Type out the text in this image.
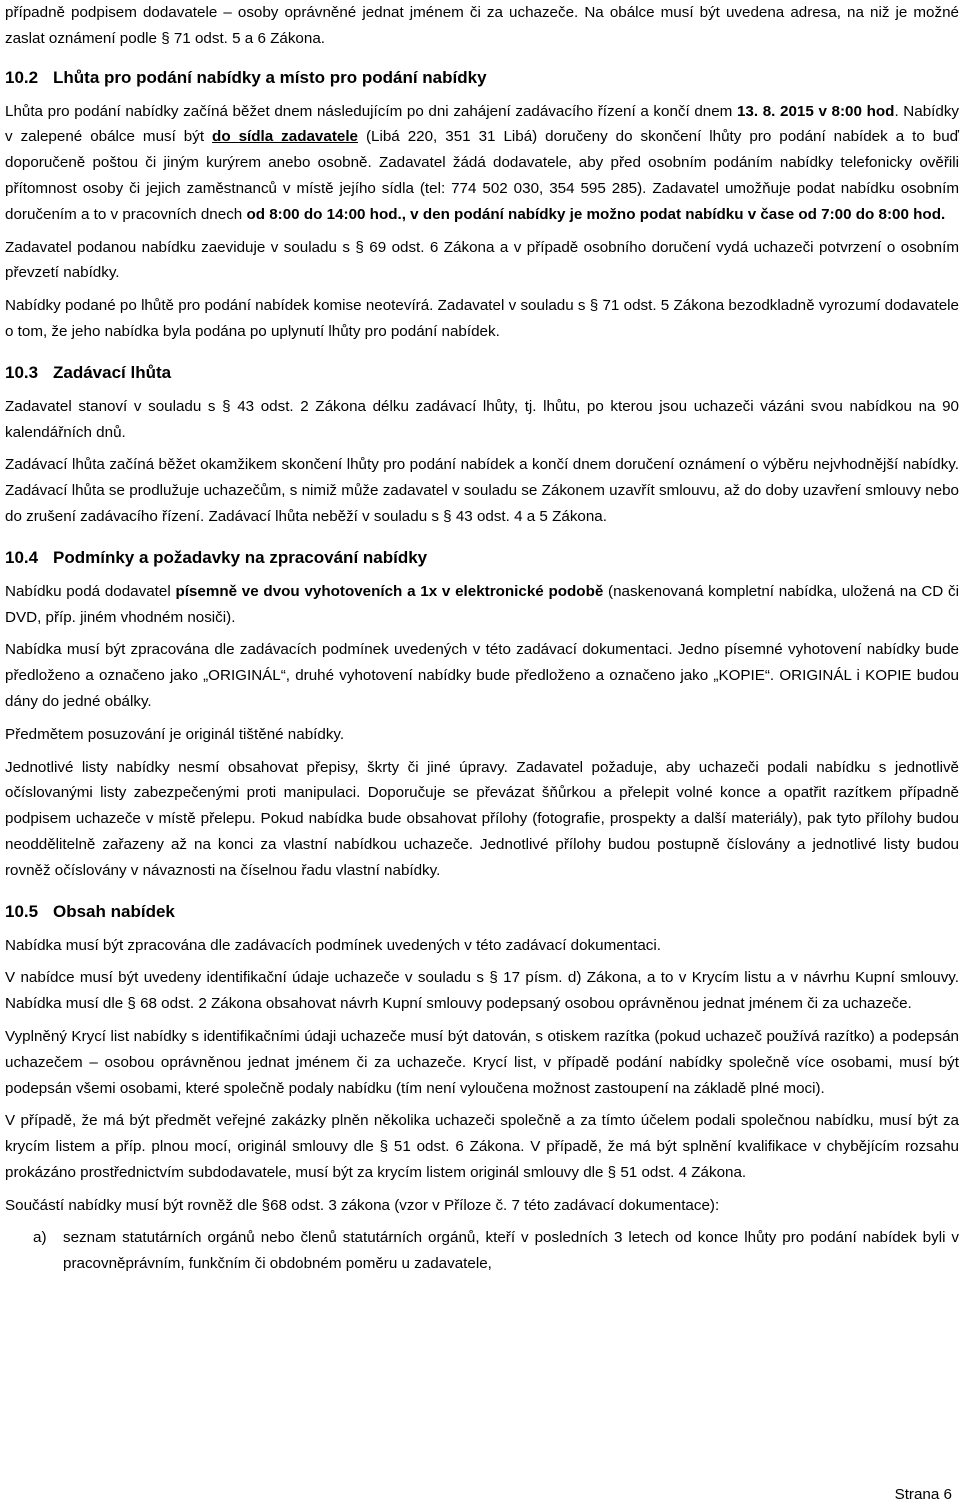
případně podpisem dodavatele – osoby oprávněné jednat jménem či za uchazeče. Na obálce musí být uvedena adresa, na niž je možné zaslat oznámení podle § 71 odst. 5 a 6 Zákona.

10.2 Lhůta pro podání nabídky a místo pro podání nabídky

Lhůta pro podání nabídky začíná běžet dnem následujícím po dni zahájení zadávacího řízení a končí dnem 13. 8. 2015 v 8:00 hod. Nabídky v zalepené obálce musí být do sídla zadavatele (Libá 220, 351 31 Libá) doručeny do skončení lhůty pro podání nabídek a to buď doporučeně poštou či jiným kurýrem anebo osobně. Zadavatel žádá dodavatele, aby před osobním podáním nabídky telefonicky ověřili přítomnost osoby či jejich zaměstnanců v místě jejího sídla (tel: 774 502 030, 354 595 285). Zadavatel umožňuje podat nabídku osobním doručením a to v pracovních dnech od 8:00 do 14:00 hod., v den podání nabídky je možno podat nabídku v čase od 7:00 do 8:00 hod.

Zadavatel podanou nabídku zaeviduje v souladu s § 69 odst. 6 Zákona a v případě osobního doručení vydá uchazeči potvrzení o osobním převzetí nabídky.

Nabídky podané po lhůtě pro podání nabídek komise neotevírá. Zadavatel v souladu s § 71 odst. 5 Zákona bezodkladně vyrozumí dodavatele o tom, že jeho nabídka byla podána po uplynutí lhůty pro podání nabídek.

10.3 Zadávací lhůta

Zadavatel stanoví v souladu s § 43 odst. 2 Zákona délku zadávací lhůty, tj. lhůtu, po kterou jsou uchazeči vázáni svou nabídkou na 90 kalendářních dnů.

Zadávací lhůta začíná běžet okamžikem skončení lhůty pro podání nabídek a končí dnem doručení oznámení o výběru nejvhodnější nabídky. Zadávací lhůta se prodlužuje uchazečům, s nimiž může zadavatel v souladu se Zákonem uzavřít smlouvu, až do doby uzavření smlouvy nebo do zrušení zadávacího řízení. Zadávací lhůta neběží v souladu s § 43 odst. 4 a 5 Zákona.

10.4 Podmínky a požadavky na zpracování nabídky

Nabídku podá dodavatel písemně ve dvou vyhotoveních a 1x v elektronické podobě (naskenovaná kompletní nabídka, uložená na CD či DVD, příp. jiném vhodném nosiči).

Nabídka musí být zpracována dle zadávacích podmínek uvedených v této zadávací dokumentaci. Jedno písemné vyhotovení nabídky bude předloženo a označeno jako „ORIGINÁL“, druhé vyhotovení nabídky bude předloženo a označeno jako „KOPIE“. ORIGINÁL i KOPIE budou dány do jedné obálky.

Předmětem posuzování je originál tištěné nabídky.

Jednotlivé listy nabídky nesmí obsahovat přepisy, škrty či jiné úpravy. Zadavatel požaduje, aby uchazeči podali nabídku s jednotlivě očíslovanými listy zabezpečenými proti manipulaci. Doporučuje se převázat šňůrkou a přelepit volné konce a opatřit razítkem případně podpisem uchazeče v místě přelepu. Pokud nabídka bude obsahovat přílohy (fotografie, prospekty a další materiály), pak tyto přílohy budou neoddělitelně zařazeny až na konci za vlastní nabídkou uchazeče. Jednotlivé přílohy budou postupně číslovány a jednotlivé listy budou rovněž očíslovány v návaznosti na číselnou řadu vlastní nabídky.

10.5 Obsah nabídek

Nabídka musí být zpracována dle zadávacích podmínek uvedených v této zadávací dokumentaci.

V nabídce musí být uvedeny identifikační údaje uchazeče v souladu s § 17 písm. d) Zákona, a to v Krycím listu a v návrhu Kupní smlouvy. Nabídka musí dle § 68 odst. 2 Zákona obsahovat návrh Kupní smlouvy podepsaný osobou oprávněnou jednat jménem či za uchazeče.

Vyplněný Krycí list nabídky s identifikačními údaji uchazeče musí být datován, s otiskem razítka (pokud uchazeč používá razítko) a podepsán uchazečem – osobou oprávněnou jednat jménem či za uchazeče. Krycí list, v případě podání nabídky společně více osobami, musí být podepsán všemi osobami, které společně podaly nabídku (tím není vyloučena možnost zastoupení na základě plné moci).

V případě, že má být předmět veřejné zakázky plněn několika uchazeči společně a za tímto účelem podali společnou nabídku, musí být za krycím listem a příp. plnou mocí, originál smlouvy dle § 51 odst. 6 Zákona. V případě, že má být splnění kvalifikace v chybějícím rozsahu prokázáno prostřednictvím subdodavatele, musí být za krycím listem originál smlouvy dle § 51 odst. 4 Zákona.

Součástí nabídky musí být rovněž dle §68 odst. 3 zákona (vzor v Příloze č. 7 této zadávací dokumentace):

a)	seznam statutárních orgánů nebo členů statutárních orgánů, kteří v posledních 3 letech od konce lhůty pro podání nabídek byli v pracovněprávním, funkčním či obdobném poměru u zadavatele,
Strana 6
